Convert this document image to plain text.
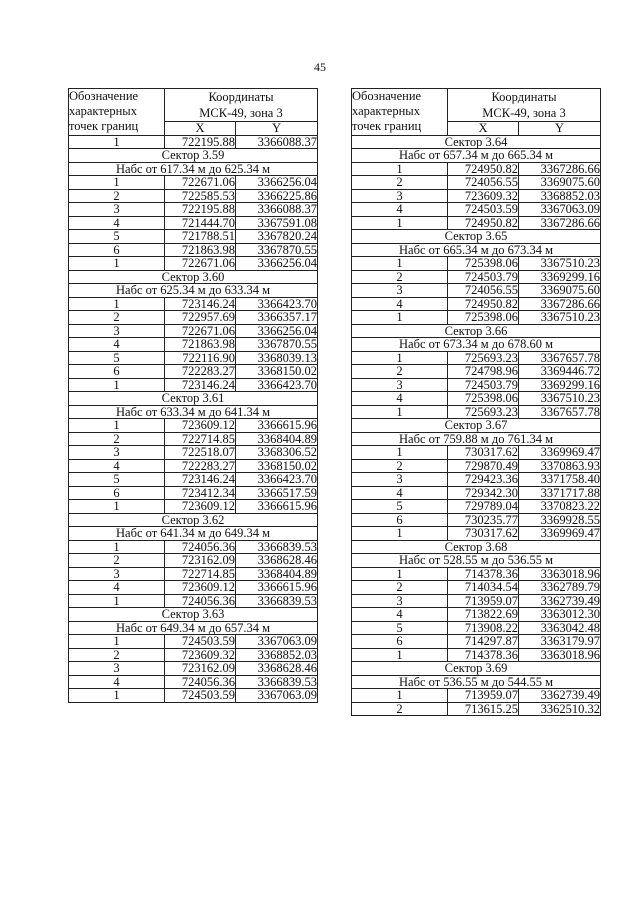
45
Обозначение
характерных
точек границ	Координаты
МСК-49, зона 3	

	X	Y
1	722195.88	3366088.37
Сектор 3.59		
Набс от 617.34 м до 625.34 м		
1	722671.06	3366256.04
2	722585.53	3366225.86
3	722195.88	3366088.37
4	721444.70	3367591.08
5	721788.51	3367820.24
6	721863.98	3367870.55
1	722671.06	3366256.04
Сектор 3.60		
Набс от 625.34 м до 633.34 м		
1	723146.24	3366423.70
2	722957.69	3366357.17
3	722671.06	3366256.04
4	721863.98	3367870.55
5	722116.90	3368039.13
6	722283.27	3368150.02
1	723146.24	3366423.70
Сектор 3.61		
Набс от 633.34 м до 641.34 м		
1	723609.12	3366615.96
2	722714.85	3368404.89
3	722518.07	3368306.52
4	722283.27	3368150.02
5	723146.24	3366423.70
6	723412.34	3366517.59
1	723609.12	3366615.96
Сектор 3.62		
Набс от 641.34 м до 649.34 м		
1	724056.36	3366839.53
2	723162.09	3368628.46
3	722714.85	3368404.89
4	723609.12	3366615.96
1	724056.36	3366839.53
Сектор 3.63		
Набс от 649.34 м до 657.34 м		
1	724503.59	3367063.09
2	723609.32	3368852.03
3	723162.09	3368628.46
4	724056.36	3366839.53
1	724503.59	3367063.09
Обозначение
характерных
точек границ	Координаты
МСК-49, зона 3	

	X	Y
Сектор 3.64		
Набс от 657.34 м до 665.34 м		
1	724950.82	3367286.66
2	724056.55	3369075.60
3	723609.32	3368852.03
4	724503.59	3367063.09
1	724950.82	3367286.66
Сектор 3.65		
Набс от 665.34 м до 673.34 м		
1	725398.06	3367510.23
2	724503.79	3369299.16
3	724056.55	3369075.60
4	724950.82	3367286.66
1	725398.06	3367510.23
Сектор 3.66		
Набс от 673.34 м до 678.60 м		
1	725693.23	3367657.78
2	724798.96	3369446.72
3	724503.79	3369299.16
4	725398.06	3367510.23
1	725693.23	3367657.78
Сектор 3.67		
Набс от 759.88 м до 761.34 м		
1	730317.62	3369969.47
2	729870.49	3370863.93
3	729423.36	3371758.40
4	729342.30	3371717.88
5	729789.04	3370823.22
6	730235.77	3369928.55
1	730317.62	3369969.47
Сектор 3.68		
Набс от 528.55 м до 536.55 м		
1	714378.36	3363018.96
2	714034.54	3362789.79
3	713959.07	3362739.49
4	713822.69	3363012.30
5	713908.22	3363042.48
6	714297.87	3363179.97
1	714378.36	3363018.96
Сектор 3.69		
Набс от 536.55 м до 544.55 м		
1	713959.07	3362739.49
2	713615.25	3362510.32
